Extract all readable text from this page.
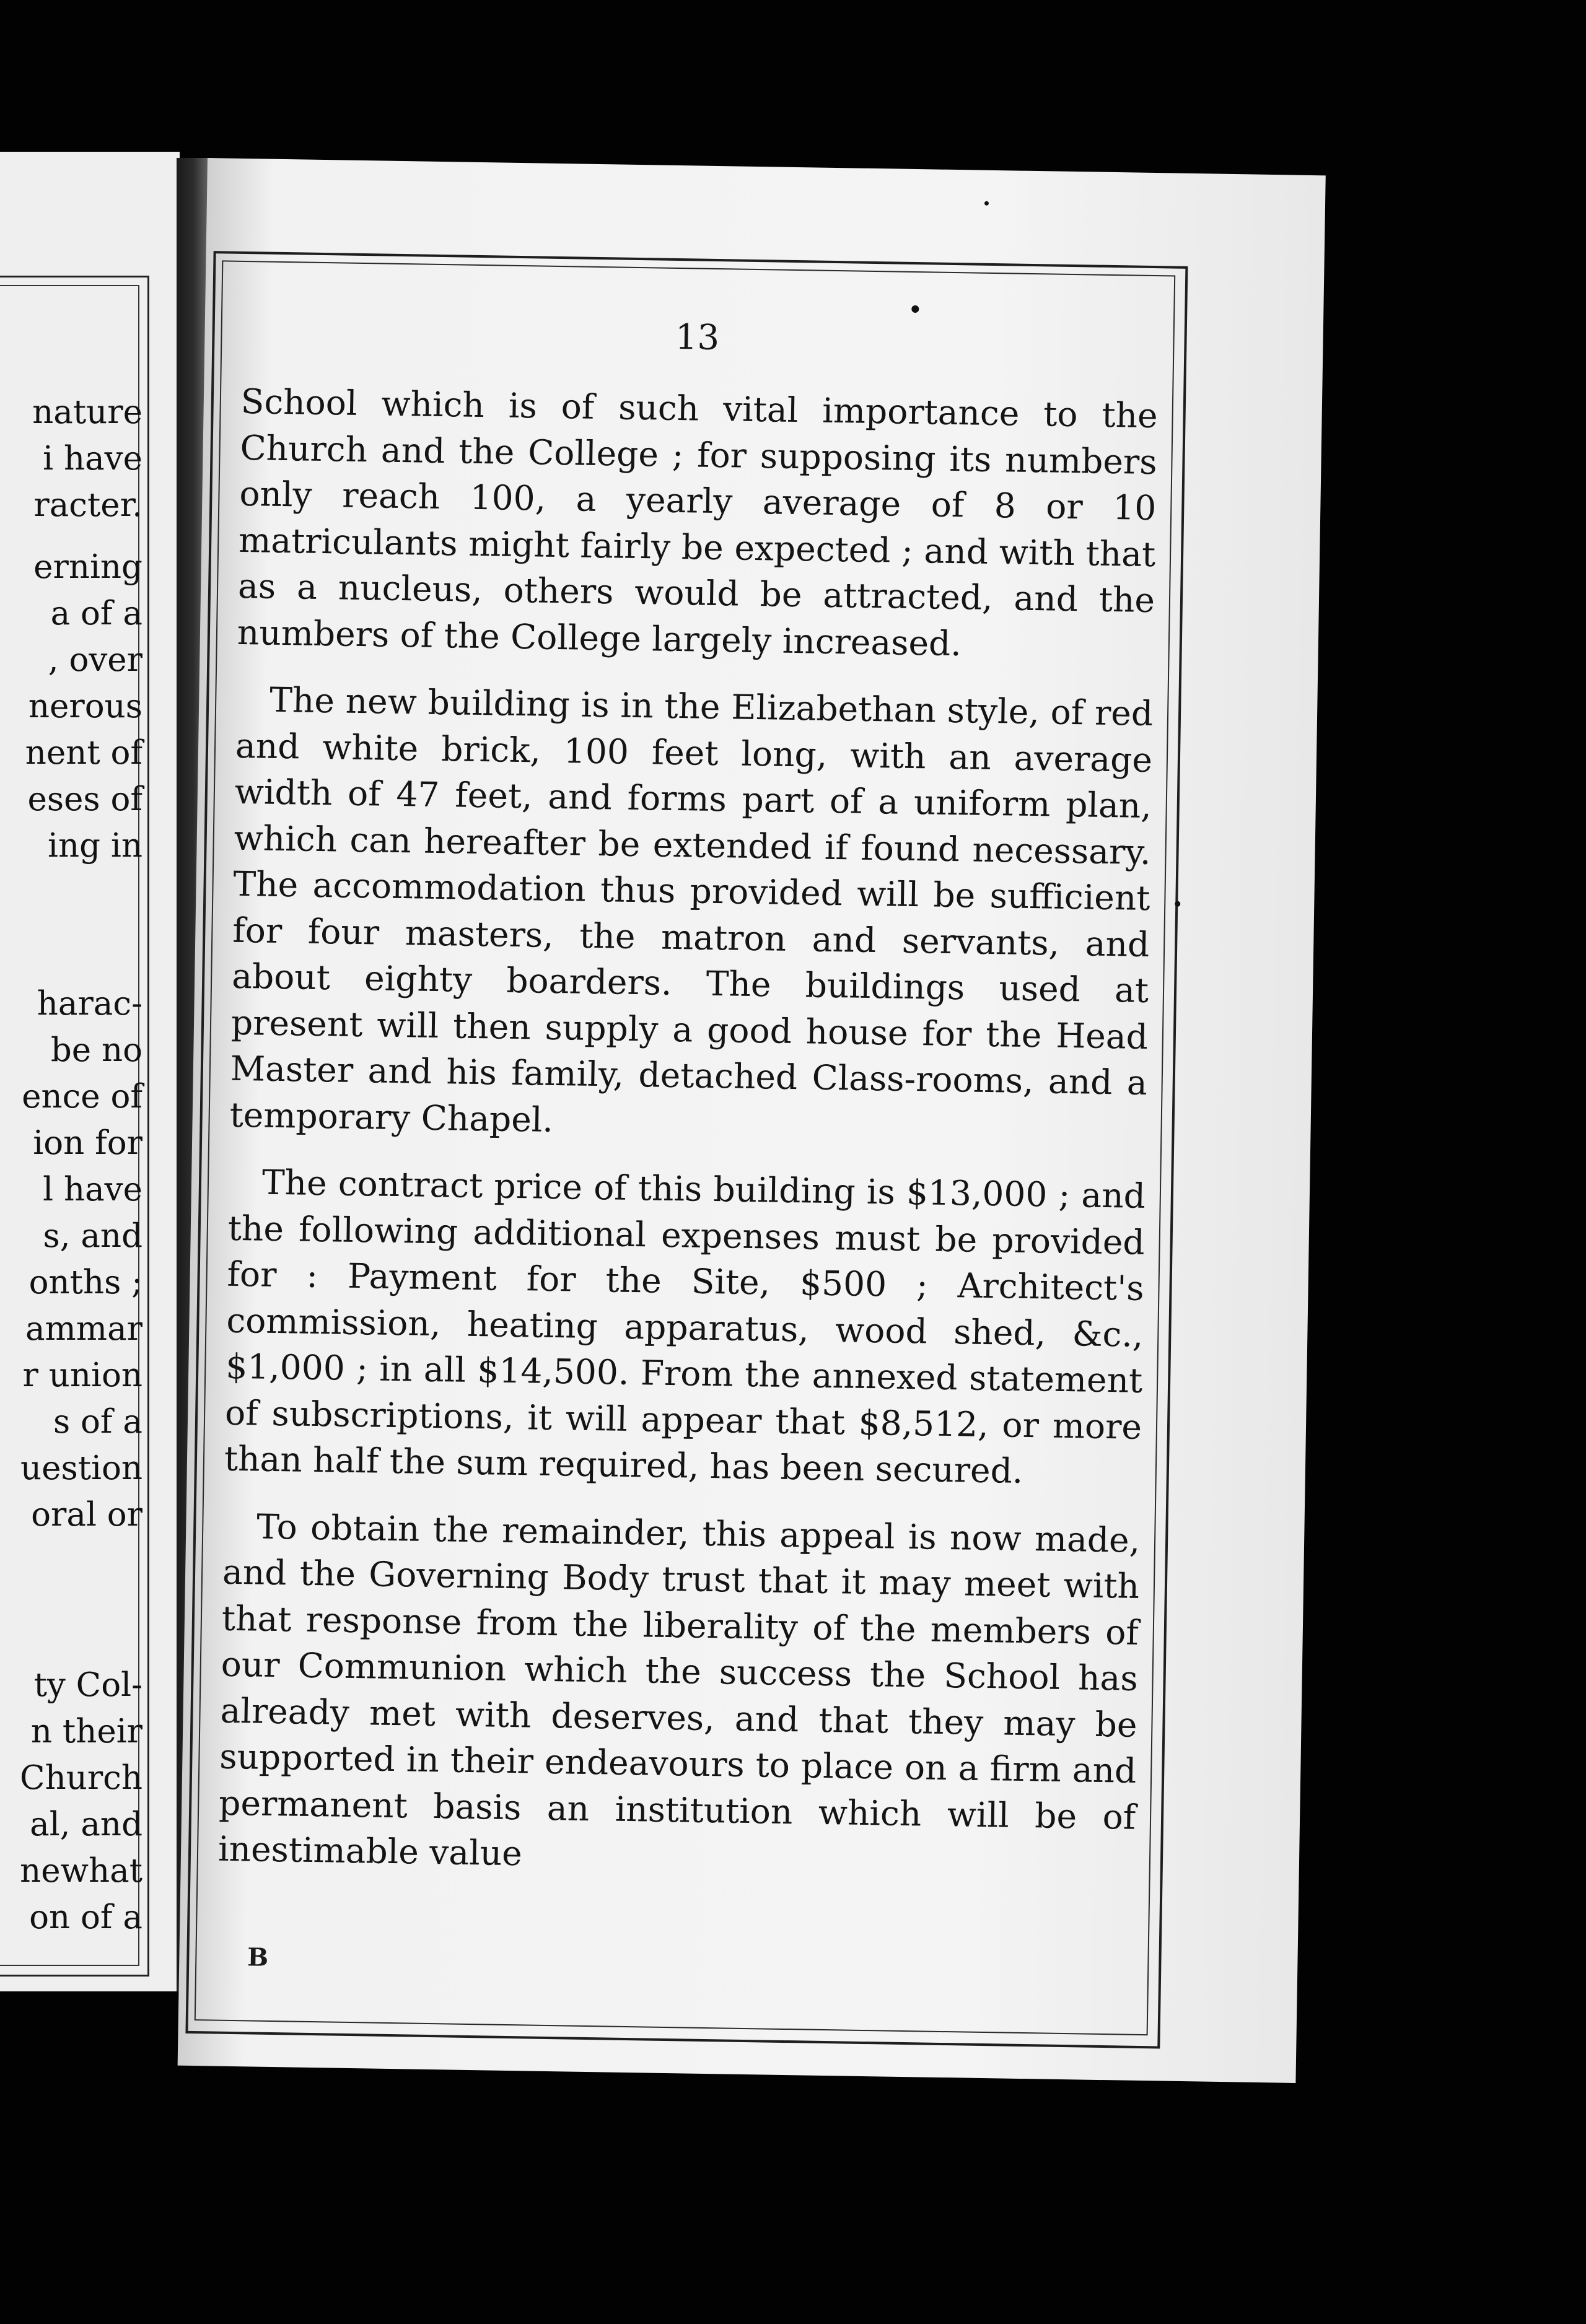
nature
i have
racter.
erning
a of a
, over
nerous
nent of
eses of
ing in
harac-
be no
ence of
ion for
l have
s, and
onths ;
ammar
r union
s of a
uestion
oral or
ty Col-
n their
Church
al, and
newhat
on of a
13

School which is of such vital importance to the Church and the College ; for supposing its numbers only reach 100, a yearly average of 8 or 10 matriculants might fairly be expected ; and with that as a nucleus, others would be attracted, and the numbers of the College largely increased.

The new building is in the Elizabethan style, of red and white brick, 100 feet long, with an average width of 47 feet, and forms part of a uniform plan, which can hereafter be extended if found necessary. The accommodation thus provided will be sufficient for four masters, the matron and servants, and about eighty boarders. The buildings used at present will then supply a good house for the Head Master and his family, detached Class-rooms, and a temporary Chapel.

The contract price of this building is $13,000 ; and the following additional expenses must be provided for : Payment for the Site, $500 ; Architect's commission, heating apparatus, wood shed, &c., $1,000 ; in all $14,500. From the annexed statement of subscriptions, it will appear that $8,512, or more than half the sum required, has been secured.

To obtain the remainder, this appeal is now made, and the Governing Body trust that it may meet with that response from the liberality of the members of our Communion which the success the School has already met with deserves, and that they may be supported in their endeavours to place on a firm and permanent basis an institution which will be of inestimable value

B
